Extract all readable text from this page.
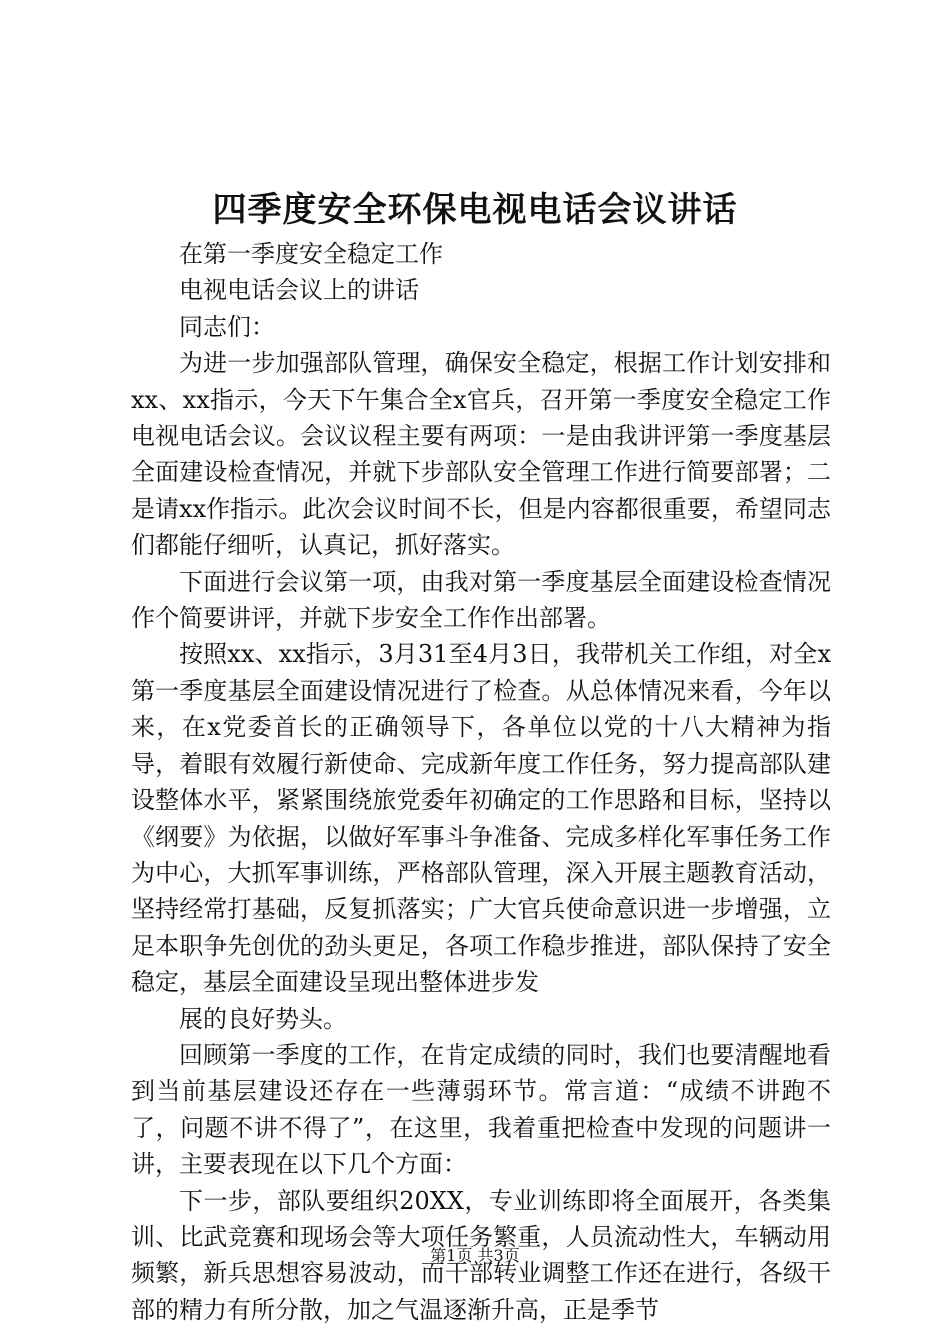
四季度安全环保电视电话会议讲话

在第一季度安全稳定工作

电视电话会议上的讲话

同志们：

为进一步加强部队管理，确保安全稳定，根据工作计划安排和xx、xx指示，今天下午集合全x官兵，召开第一季度安全稳定工作电视电话会议。会议议程主要有两项：一是由我讲评第一季度基层全面建设检查情况，并就下步部队安全管理工作进行简要部署；二是请xx作指示。此次会议时间不长，但是内容都很重要，希望同志们都能仔细听，认真记，抓好落实。

下面进行会议第一项，由我对第一季度基层全面建设检查情况作个简要讲评，并就下步安全工作作出部署。

按照xx、xx指示，3月31至4月3日，我带机关工作组，对全x第一季度基层全面建设情况进行了检查。从总体情况来看，今年以来，在x党委首长的正确领导下，各单位以党的十八大精神为指导，着眼有效履行新使命、完成新年度工作任务，努力提高部队建设整体水平，紧紧围绕旅党委年初确定的工作思路和目标，坚持以《纲要》为依据，以做好军事斗争准备、完成多样化军事任务工作为中心，大抓军事训练，严格部队管理，深入开展主题教育活动，坚持经常打基础，反复抓落实；广大官兵使命意识进一步增强，立足本职争先创优的劲头更足，各项工作稳步推进，部队保持了安全稳定，基层全面建设呈现出整体进步发

展的良好势头。

回顾第一季度的工作，在肯定成绩的同时，我们也要清醒地看到当前基层建设还存在一些薄弱环节。常言道：“成绩不讲跑不了，问题不讲不得了”，在这里，我着重把检查中发现的问题讲一讲，主要表现在以下几个方面：

下一步，部队要组织20XX，专业训练即将全面展开，各类集训、比武竞赛和现场会等大项任务繁重，人员流动性大，车辆动用频繁，新兵思想容易波动，而干部转业调整工作还在进行，各级干部的精力有所分散，加之气温逐渐升高，正是季节

第1页 共3页
